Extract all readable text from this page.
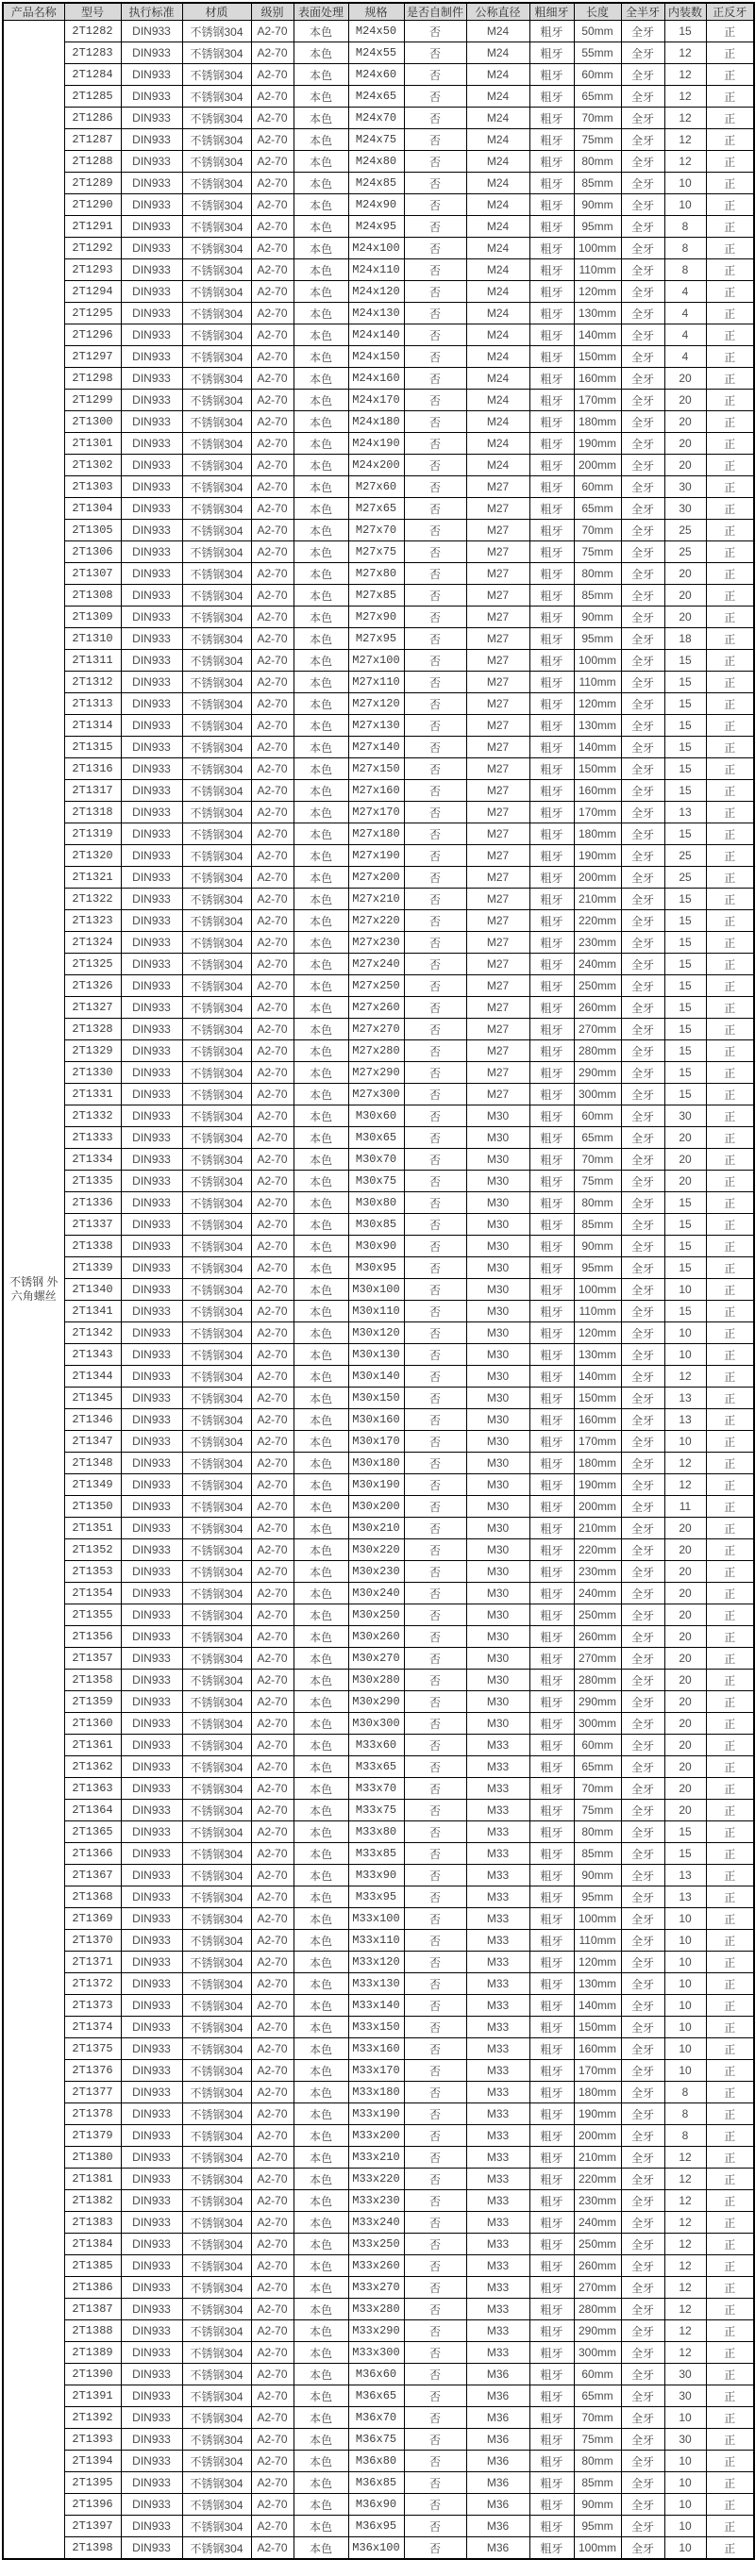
产品名称	型号	执行标准	材质	级别	表面处理	规格	是否自制件	公称直径	粗细牙	长度	全半牙	内装数	正反牙

不锈钢 外
六角螺丝	2T1282	DIN933	不锈钢304	A2-70	本色	M24x50	否	M24	粗牙	50mm	全牙	15	正
	2T1283	DIN933	不锈钢304	A2-70	本色	M24x55	否	M24	粗牙	55mm	全牙	12	正
	2T1284	DIN933	不锈钢304	A2-70	本色	M24x60	否	M24	粗牙	60mm	全牙	12	正
	2T1285	DIN933	不锈钢304	A2-70	本色	M24x65	否	M24	粗牙	65mm	全牙	12	正
	2T1286	DIN933	不锈钢304	A2-70	本色	M24x70	否	M24	粗牙	70mm	全牙	12	正
	2T1287	DIN933	不锈钢304	A2-70	本色	M24x75	否	M24	粗牙	75mm	全牙	12	正
	2T1288	DIN933	不锈钢304	A2-70	本色	M24x80	否	M24	粗牙	80mm	全牙	12	正
	2T1289	DIN933	不锈钢304	A2-70	本色	M24x85	否	M24	粗牙	85mm	全牙	10	正
	2T1290	DIN933	不锈钢304	A2-70	本色	M24x90	否	M24	粗牙	90mm	全牙	10	正
	2T1291	DIN933	不锈钢304	A2-70	本色	M24x95	否	M24	粗牙	95mm	全牙	8	正
	2T1292	DIN933	不锈钢304	A2-70	本色	M24x100	否	M24	粗牙	100mm	全牙	8	正
	2T1293	DIN933	不锈钢304	A2-70	本色	M24x110	否	M24	粗牙	110mm	全牙	8	正
	2T1294	DIN933	不锈钢304	A2-70	本色	M24x120	否	M24	粗牙	120mm	全牙	4	正
	2T1295	DIN933	不锈钢304	A2-70	本色	M24x130	否	M24	粗牙	130mm	全牙	4	正
	2T1296	DIN933	不锈钢304	A2-70	本色	M24x140	否	M24	粗牙	140mm	全牙	4	正
	2T1297	DIN933	不锈钢304	A2-70	本色	M24x150	否	M24	粗牙	150mm	全牙	4	正
	2T1298	DIN933	不锈钢304	A2-70	本色	M24x160	否	M24	粗牙	160mm	全牙	20	正
	2T1299	DIN933	不锈钢304	A2-70	本色	M24x170	否	M24	粗牙	170mm	全牙	20	正
	2T1300	DIN933	不锈钢304	A2-70	本色	M24x180	否	M24	粗牙	180mm	全牙	20	正
	2T1301	DIN933	不锈钢304	A2-70	本色	M24x190	否	M24	粗牙	190mm	全牙	20	正
	2T1302	DIN933	不锈钢304	A2-70	本色	M24x200	否	M24	粗牙	200mm	全牙	20	正
	2T1303	DIN933	不锈钢304	A2-70	本色	M27x60	否	M27	粗牙	60mm	全牙	30	正
	2T1304	DIN933	不锈钢304	A2-70	本色	M27x65	否	M27	粗牙	65mm	全牙	30	正
	2T1305	DIN933	不锈钢304	A2-70	本色	M27x70	否	M27	粗牙	70mm	全牙	25	正
	2T1306	DIN933	不锈钢304	A2-70	本色	M27x75	否	M27	粗牙	75mm	全牙	25	正
	2T1307	DIN933	不锈钢304	A2-70	本色	M27x80	否	M27	粗牙	80mm	全牙	20	正
	2T1308	DIN933	不锈钢304	A2-70	本色	M27x85	否	M27	粗牙	85mm	全牙	20	正
	2T1309	DIN933	不锈钢304	A2-70	本色	M27x90	否	M27	粗牙	90mm	全牙	20	正
	2T1310	DIN933	不锈钢304	A2-70	本色	M27x95	否	M27	粗牙	95mm	全牙	18	正
	2T1311	DIN933	不锈钢304	A2-70	本色	M27x100	否	M27	粗牙	100mm	全牙	15	正
	2T1312	DIN933	不锈钢304	A2-70	本色	M27x110	否	M27	粗牙	110mm	全牙	15	正
	2T1313	DIN933	不锈钢304	A2-70	本色	M27x120	否	M27	粗牙	120mm	全牙	15	正
	2T1314	DIN933	不锈钢304	A2-70	本色	M27x130	否	M27	粗牙	130mm	全牙	15	正
	2T1315	DIN933	不锈钢304	A2-70	本色	M27x140	否	M27	粗牙	140mm	全牙	15	正
	2T1316	DIN933	不锈钢304	A2-70	本色	M27x150	否	M27	粗牙	150mm	全牙	15	正
	2T1317	DIN933	不锈钢304	A2-70	本色	M27x160	否	M27	粗牙	160mm	全牙	15	正
	2T1318	DIN933	不锈钢304	A2-70	本色	M27x170	否	M27	粗牙	170mm	全牙	13	正
	2T1319	DIN933	不锈钢304	A2-70	本色	M27x180	否	M27	粗牙	180mm	全牙	15	正
	2T1320	DIN933	不锈钢304	A2-70	本色	M27x190	否	M27	粗牙	190mm	全牙	25	正
	2T1321	DIN933	不锈钢304	A2-70	本色	M27x200	否	M27	粗牙	200mm	全牙	25	正
	2T1322	DIN933	不锈钢304	A2-70	本色	M27x210	否	M27	粗牙	210mm	全牙	15	正
	2T1323	DIN933	不锈钢304	A2-70	本色	M27x220	否	M27	粗牙	220mm	全牙	15	正
	2T1324	DIN933	不锈钢304	A2-70	本色	M27x230	否	M27	粗牙	230mm	全牙	15	正
	2T1325	DIN933	不锈钢304	A2-70	本色	M27x240	否	M27	粗牙	240mm	全牙	15	正
	2T1326	DIN933	不锈钢304	A2-70	本色	M27x250	否	M27	粗牙	250mm	全牙	15	正
	2T1327	DIN933	不锈钢304	A2-70	本色	M27x260	否	M27	粗牙	260mm	全牙	15	正
	2T1328	DIN933	不锈钢304	A2-70	本色	M27x270	否	M27	粗牙	270mm	全牙	15	正
	2T1329	DIN933	不锈钢304	A2-70	本色	M27x280	否	M27	粗牙	280mm	全牙	15	正
	2T1330	DIN933	不锈钢304	A2-70	本色	M27x290	否	M27	粗牙	290mm	全牙	15	正
	2T1331	DIN933	不锈钢304	A2-70	本色	M27x300	否	M27	粗牙	300mm	全牙	15	正
	2T1332	DIN933	不锈钢304	A2-70	本色	M30x60	否	M30	粗牙	60mm	全牙	30	正
	2T1333	DIN933	不锈钢304	A2-70	本色	M30x65	否	M30	粗牙	65mm	全牙	20	正
	2T1334	DIN933	不锈钢304	A2-70	本色	M30x70	否	M30	粗牙	70mm	全牙	20	正
	2T1335	DIN933	不锈钢304	A2-70	本色	M30x75	否	M30	粗牙	75mm	全牙	20	正
	2T1336	DIN933	不锈钢304	A2-70	本色	M30x80	否	M30	粗牙	80mm	全牙	15	正
	2T1337	DIN933	不锈钢304	A2-70	本色	M30x85	否	M30	粗牙	85mm	全牙	15	正
	2T1338	DIN933	不锈钢304	A2-70	本色	M30x90	否	M30	粗牙	90mm	全牙	15	正
	2T1339	DIN933	不锈钢304	A2-70	本色	M30x95	否	M30	粗牙	95mm	全牙	15	正
	2T1340	DIN933	不锈钢304	A2-70	本色	M30x100	否	M30	粗牙	100mm	全牙	10	正
	2T1341	DIN933	不锈钢304	A2-70	本色	M30x110	否	M30	粗牙	110mm	全牙	15	正
	2T1342	DIN933	不锈钢304	A2-70	本色	M30x120	否	M30	粗牙	120mm	全牙	10	正
	2T1343	DIN933	不锈钢304	A2-70	本色	M30x130	否	M30	粗牙	130mm	全牙	10	正
	2T1344	DIN933	不锈钢304	A2-70	本色	M30x140	否	M30	粗牙	140mm	全牙	12	正
	2T1345	DIN933	不锈钢304	A2-70	本色	M30x150	否	M30	粗牙	150mm	全牙	13	正
	2T1346	DIN933	不锈钢304	A2-70	本色	M30x160	否	M30	粗牙	160mm	全牙	13	正
	2T1347	DIN933	不锈钢304	A2-70	本色	M30x170	否	M30	粗牙	170mm	全牙	10	正
	2T1348	DIN933	不锈钢304	A2-70	本色	M30x180	否	M30	粗牙	180mm	全牙	12	正
	2T1349	DIN933	不锈钢304	A2-70	本色	M30x190	否	M30	粗牙	190mm	全牙	12	正
	2T1350	DIN933	不锈钢304	A2-70	本色	M30x200	否	M30	粗牙	200mm	全牙	11	正
	2T1351	DIN933	不锈钢304	A2-70	本色	M30x210	否	M30	粗牙	210mm	全牙	20	正
	2T1352	DIN933	不锈钢304	A2-70	本色	M30x220	否	M30	粗牙	220mm	全牙	20	正
	2T1353	DIN933	不锈钢304	A2-70	本色	M30x230	否	M30	粗牙	230mm	全牙	20	正
	2T1354	DIN933	不锈钢304	A2-70	本色	M30x240	否	M30	粗牙	240mm	全牙	20	正
	2T1355	DIN933	不锈钢304	A2-70	本色	M30x250	否	M30	粗牙	250mm	全牙	20	正
	2T1356	DIN933	不锈钢304	A2-70	本色	M30x260	否	M30	粗牙	260mm	全牙	20	正
	2T1357	DIN933	不锈钢304	A2-70	本色	M30x270	否	M30	粗牙	270mm	全牙	20	正
	2T1358	DIN933	不锈钢304	A2-70	本色	M30x280	否	M30	粗牙	280mm	全牙	20	正
	2T1359	DIN933	不锈钢304	A2-70	本色	M30x290	否	M30	粗牙	290mm	全牙	20	正
	2T1360	DIN933	不锈钢304	A2-70	本色	M30x300	否	M30	粗牙	300mm	全牙	20	正
	2T1361	DIN933	不锈钢304	A2-70	本色	M33x60	否	M33	粗牙	60mm	全牙	20	正
	2T1362	DIN933	不锈钢304	A2-70	本色	M33x65	否	M33	粗牙	65mm	全牙	20	正
	2T1363	DIN933	不锈钢304	A2-70	本色	M33x70	否	M33	粗牙	70mm	全牙	20	正
	2T1364	DIN933	不锈钢304	A2-70	本色	M33x75	否	M33	粗牙	75mm	全牙	20	正
	2T1365	DIN933	不锈钢304	A2-70	本色	M33x80	否	M33	粗牙	80mm	全牙	15	正
	2T1366	DIN933	不锈钢304	A2-70	本色	M33x85	否	M33	粗牙	85mm	全牙	15	正
	2T1367	DIN933	不锈钢304	A2-70	本色	M33x90	否	M33	粗牙	90mm	全牙	13	正
	2T1368	DIN933	不锈钢304	A2-70	本色	M33x95	否	M33	粗牙	95mm	全牙	13	正
	2T1369	DIN933	不锈钢304	A2-70	本色	M33x100	否	M33	粗牙	100mm	全牙	10	正
	2T1370	DIN933	不锈钢304	A2-70	本色	M33x110	否	M33	粗牙	110mm	全牙	10	正
	2T1371	DIN933	不锈钢304	A2-70	本色	M33x120	否	M33	粗牙	120mm	全牙	10	正
	2T1372	DIN933	不锈钢304	A2-70	本色	M33x130	否	M33	粗牙	130mm	全牙	10	正
	2T1373	DIN933	不锈钢304	A2-70	本色	M33x140	否	M33	粗牙	140mm	全牙	10	正
	2T1374	DIN933	不锈钢304	A2-70	本色	M33x150	否	M33	粗牙	150mm	全牙	10	正
	2T1375	DIN933	不锈钢304	A2-70	本色	M33x160	否	M33	粗牙	160mm	全牙	10	正
	2T1376	DIN933	不锈钢304	A2-70	本色	M33x170	否	M33	粗牙	170mm	全牙	10	正
	2T1377	DIN933	不锈钢304	A2-70	本色	M33x180	否	M33	粗牙	180mm	全牙	8	正
	2T1378	DIN933	不锈钢304	A2-70	本色	M33x190	否	M33	粗牙	190mm	全牙	8	正
	2T1379	DIN933	不锈钢304	A2-70	本色	M33x200	否	M33	粗牙	200mm	全牙	8	正
	2T1380	DIN933	不锈钢304	A2-70	本色	M33x210	否	M33	粗牙	210mm	全牙	12	正
	2T1381	DIN933	不锈钢304	A2-70	本色	M33x220	否	M33	粗牙	220mm	全牙	12	正
	2T1382	DIN933	不锈钢304	A2-70	本色	M33x230	否	M33	粗牙	230mm	全牙	12	正
	2T1383	DIN933	不锈钢304	A2-70	本色	M33x240	否	M33	粗牙	240mm	全牙	12	正
	2T1384	DIN933	不锈钢304	A2-70	本色	M33x250	否	M33	粗牙	250mm	全牙	12	正
	2T1385	DIN933	不锈钢304	A2-70	本色	M33x260	否	M33	粗牙	260mm	全牙	12	正
	2T1386	DIN933	不锈钢304	A2-70	本色	M33x270	否	M33	粗牙	270mm	全牙	12	正
	2T1387	DIN933	不锈钢304	A2-70	本色	M33x280	否	M33	粗牙	280mm	全牙	12	正
	2T1388	DIN933	不锈钢304	A2-70	本色	M33x290	否	M33	粗牙	290mm	全牙	12	正
	2T1389	DIN933	不锈钢304	A2-70	本色	M33x300	否	M33	粗牙	300mm	全牙	12	正
	2T1390	DIN933	不锈钢304	A2-70	本色	M36x60	否	M36	粗牙	60mm	全牙	30	正
	2T1391	DIN933	不锈钢304	A2-70	本色	M36x65	否	M36	粗牙	65mm	全牙	30	正
	2T1392	DIN933	不锈钢304	A2-70	本色	M36x70	否	M36	粗牙	70mm	全牙	10	正
	2T1393	DIN933	不锈钢304	A2-70	本色	M36x75	否	M36	粗牙	75mm	全牙	30	正
	2T1394	DIN933	不锈钢304	A2-70	本色	M36x80	否	M36	粗牙	80mm	全牙	10	正
	2T1395	DIN933	不锈钢304	A2-70	本色	M36x85	否	M36	粗牙	85mm	全牙	10	正
	2T1396	DIN933	不锈钢304	A2-70	本色	M36x90	否	M36	粗牙	90mm	全牙	10	正
	2T1397	DIN933	不锈钢304	A2-70	本色	M36x95	否	M36	粗牙	95mm	全牙	10	正
	2T1398	DIN933	不锈钢304	A2-70	本色	M36x100	否	M36	粗牙	100mm	全牙	10	正
